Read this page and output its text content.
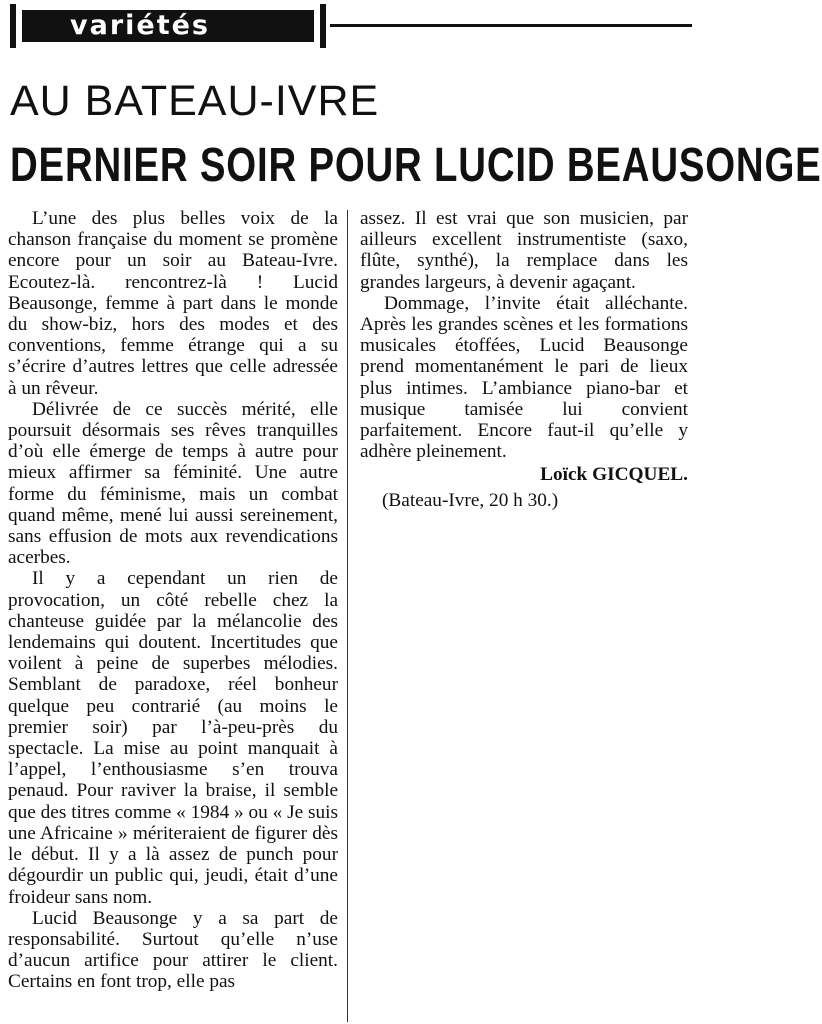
variétés
AU BATEAU-IVRE
DERNIER SOIR POUR LUCID BEAUSONGE

L’une des plus belles voix de la chanson française du moment se promène encore pour un soir au Bateau-Ivre. Ecoutez-là. rencontrez-là ! Lucid Beausonge, femme à part dans le monde du show-biz, hors des modes et des conventions, femme étrange qui a su s’écrire d’autres lettres que celle adressée à un rêveur.

Délivrée de ce succès mérité, elle poursuit désormais ses rêves tranquilles d’où elle émerge de temps à autre pour mieux affirmer sa féminité. Une autre forme du féminisme, mais un combat quand même, mené lui aussi sereinement, sans effusion de mots aux revendications acerbes.

Il y a cependant un rien de provocation, un côté rebelle chez la chanteuse guidée par la mélancolie des lendemains qui doutent. Incertitudes que voilent à peine de superbes mélodies. Semblant de paradoxe, réel bonheur quelque peu contrarié (au moins le premier soir) par l’à-peu-près du spectacle. La mise au point manquait à l’appel, l’enthousiasme s’en trouva penaud. Pour raviver la braise, il semble que des titres comme « 1984 » ou « Je suis une Africaine » mériteraient de figurer dès le début. Il y a là assez de punch pour dégourdir un public qui, jeudi, était d’une froideur sans nom.

Lucid Beausonge y a sa part de responsabilité. Surtout qu’elle n’use d’aucun artifice pour attirer le client. Certains en font trop, elle pas

assez. Il est vrai que son musicien, par ailleurs excellent instrumentiste (saxo, flûte, synthé), la remplace dans les grandes largeurs, à devenir agaçant.

Dommage, l’invite était alléchante. Après les grandes scènes et les formations musicales étoffées, Lucid Beausonge prend momentanément le pari de lieux plus intimes. L’ambiance piano-bar et musique tamisée lui convient parfaitement. Encore faut-il qu’elle y adhère pleinement.

Loïck GICQUEL.

(Bateau-Ivre, 20 h 30.)
